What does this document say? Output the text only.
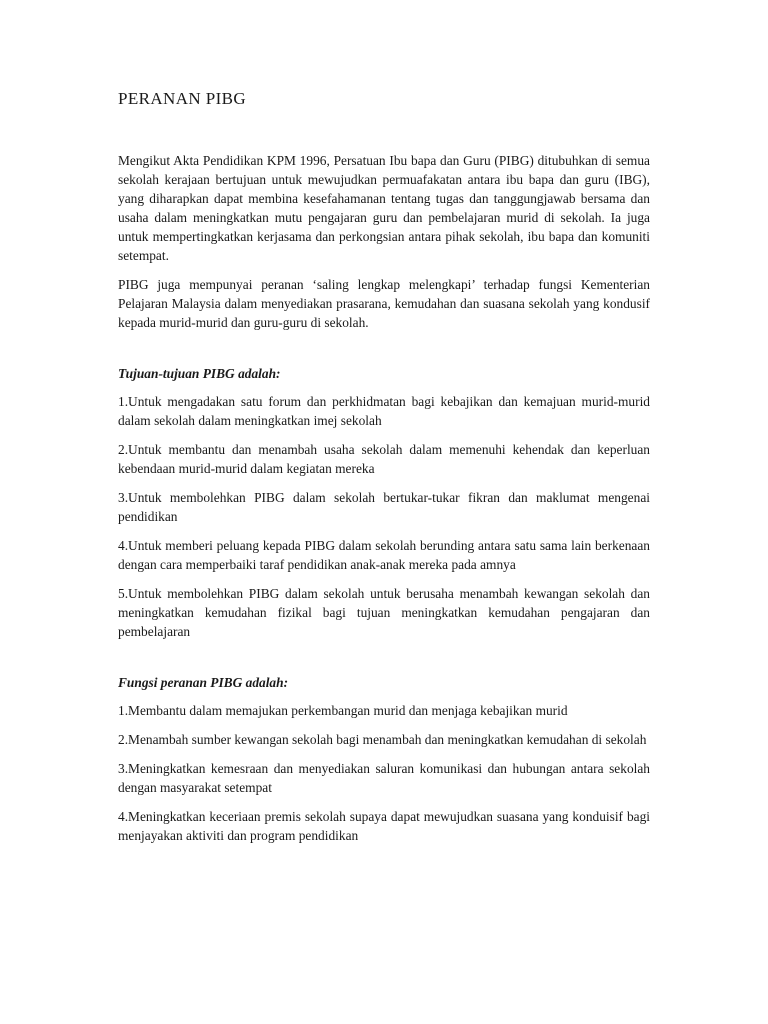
PERANAN PIBG

Mengikut Akta Pendidikan KPM 1996, Persatuan Ibu bapa dan Guru (PIBG) ditubuhkan di semua sekolah kerajaan bertujuan untuk mewujudkan permuafakatan antara ibu bapa dan guru (IBG), yang diharapkan dapat membina kesefahamanan tentang tugas dan tanggungjawab bersama dan usaha dalam meningkatkan mutu pengajaran guru dan pembelajaran murid di sekolah. Ia juga untuk mempertingkatkan kerjasama dan perkongsian antara pihak sekolah, ibu bapa dan komuniti setempat.

PIBG juga mempunyai peranan ‘saling lengkap melengkapi’ terhadap fungsi Kementerian Pelajaran Malaysia dalam menyediakan prasarana, kemudahan dan suasana sekolah yang kondusif kepada murid-murid dan guru-guru di sekolah.

Tujuan-tujuan PIBG adalah:

1.Untuk mengadakan satu forum dan perkhidmatan bagi kebajikan dan kemajuan murid-murid dalam sekolah dalam meningkatkan imej sekolah

2.Untuk membantu dan menambah usaha sekolah dalam memenuhi kehendak dan keperluan kebendaan murid-murid dalam kegiatan mereka

3.Untuk membolehkan PIBG dalam sekolah bertukar-tukar fikran dan maklumat mengenai pendidikan

4.Untuk memberi peluang kepada PIBG dalam sekolah berunding antara satu sama lain berkenaan dengan cara memperbaiki taraf pendidikan anak-anak mereka pada amnya

5.Untuk membolehkan PIBG dalam sekolah untuk berusaha menambah kewangan sekolah dan meningkatkan kemudahan fizikal bagi tujuan meningkatkan kemudahan pengajaran dan pembelajaran

Fungsi peranan PIBG adalah:

1.Membantu dalam memajukan perkembangan murid dan menjaga kebajikan murid

2.Menambah sumber kewangan sekolah bagi menambah dan meningkatkan kemudahan di sekolah

3.Meningkatkan kemesraan dan menyediakan saluran komunikasi dan hubungan antara sekolah dengan masyarakat setempat

4.Meningkatkan keceriaan premis sekolah supaya dapat mewujudkan suasana yang konduisif bagi menjayakan aktiviti dan program pendidikan
